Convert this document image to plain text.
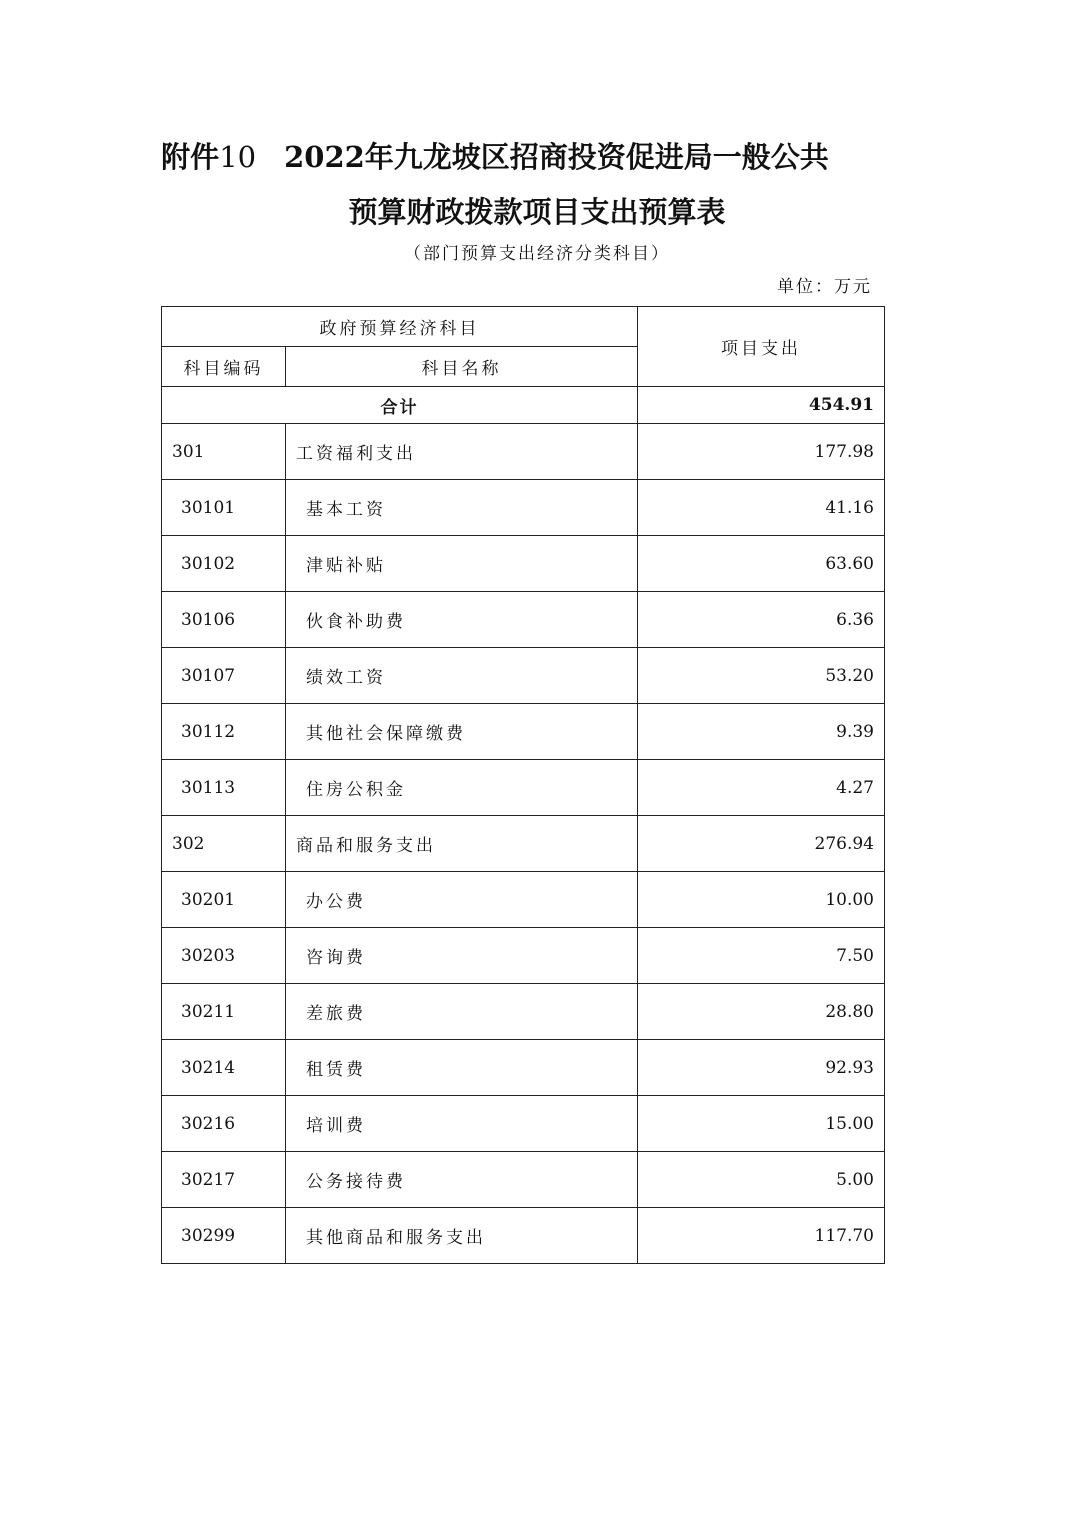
附件10 2022年九龙坡区招商投资促进局一般公共
预算财政拨款项目支出预算表
（部门预算支出经济分类科目）
单位：万元
政府预算经济科目		项目支出
科目编码	科目名称	
合计		454.91
301	工资福利支出	177.98
30101	基本工资	41.16
30102	津贴补贴	63.60
30106	伙食补助费	6.36
30107	绩效工资	53.20
30112	其他社会保障缴费	9.39
30113	住房公积金	4.27
302	商品和服务支出	276.94
30201	办公费	10.00
30203	咨询费	7.50
30211	差旅费	28.80
30214	租赁费	92.93
30216	培训费	15.00
30217	公务接待费	5.00
30299	其他商品和服务支出	117.70
